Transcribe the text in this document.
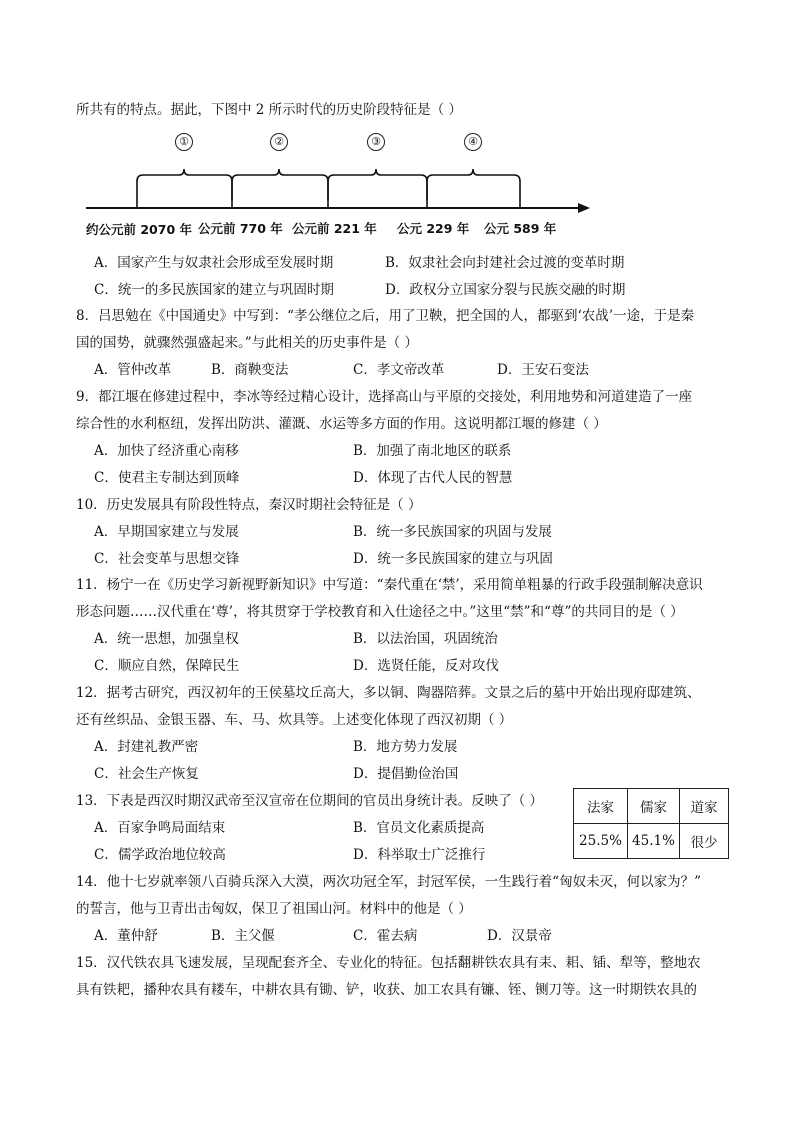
所共有的特点。据此，下图中 2 所示时代的历史阶段特征是（ ）
①	②	③	④
约公元前 2070 年 公元前 770 年 公元前 221 年 公元 229 年 公元 589 年
A．国家产生与奴隶社会形成至发展时期	B．奴隶社会向封建社会过渡的变革时期
C．统一的多民族国家的建立与巩固时期	D．政权分立国家分裂与民族交融的时期
8．吕思勉在《中国通史》中写到：“孝公继位之后，用了卫鞅，把全国的人，都驱到‘农战’一途，于是秦
国的国势，就骤然强盛起来。”与此相关的历史事件是（ ）
A．管仲改革	B．商鞅变法	C．孝文帝改革	D．王安石变法
9．都江堰在修建过程中，李冰等经过精心设计，选择高山与平原的交接处，利用地势和河道建造了一座
综合性的水利枢纽，发挥出防洪、灌溉、水运等多方面的作用。这说明都江堰的修建（ ）
A．加快了经济重心南移	B．加强了南北地区的联系
C．使君主专制达到顶峰	D．体现了古代人民的智慧
10．历史发展具有阶段性特点，秦汉时期社会特征是（ ）
A．早期国家建立与发展	B．统一多民族国家的巩固与发展
C．社会变革与思想交锋	D．统一多民族国家的建立与巩固
11．杨宁一在《历史学习新视野新知识》中写道：“秦代重在‘禁’，采用简单粗暴的行政手段强制解决意识
形态问题……汉代重在‘尊’，将其贯穿于学校教育和入仕途径之中。”这里“禁”和“尊”的共同目的是（ ）
A．统一思想，加强皇权	B．以法治国，巩固统治
C．顺应自然，保障民生	D．选贤任能，反对攻伐
12．据考古研究，西汉初年的王侯墓坟丘高大，多以铜、陶器陪葬。文景之后的墓中开始出现府邸建筑、
还有丝织品、金银玉器、车、马、炊具等。上述变化体现了西汉初期（ ）
A．封建礼教严密	B．地方势力发展
C．社会生产恢复	D．提倡勤俭治国
13．下表是西汉时期汉武帝至汉宣帝在位期间的官员出身统计表。反映了（ ）
A．百家争鸣局面结束	B．官员文化素质提高
C．儒学政治地位较高	D．科举取士广泛推行
法家	儒家	道家
25.5%	45.1%	很少
14．他十七岁就率领八百骑兵深入大漠，两次功冠全军，封冠军侯，一生践行着“匈奴未灭，何以家为？”
的誓言，他与卫青出击匈奴，保卫了祖国山河。材料中的他是（ ）
A．董仲舒	B．主父偃	C．霍去病	D．汉景帝
15．汉代铁农具飞速发展，呈现配套齐全、专业化的特征。包括翻耕铁农具有耒、耜、锸、犁等，整地农
具有铁耙，播种农具有耧车，中耕农具有锄、铲，收获、加工农具有镰、铚、铡刀等。这一时期铁农具的
